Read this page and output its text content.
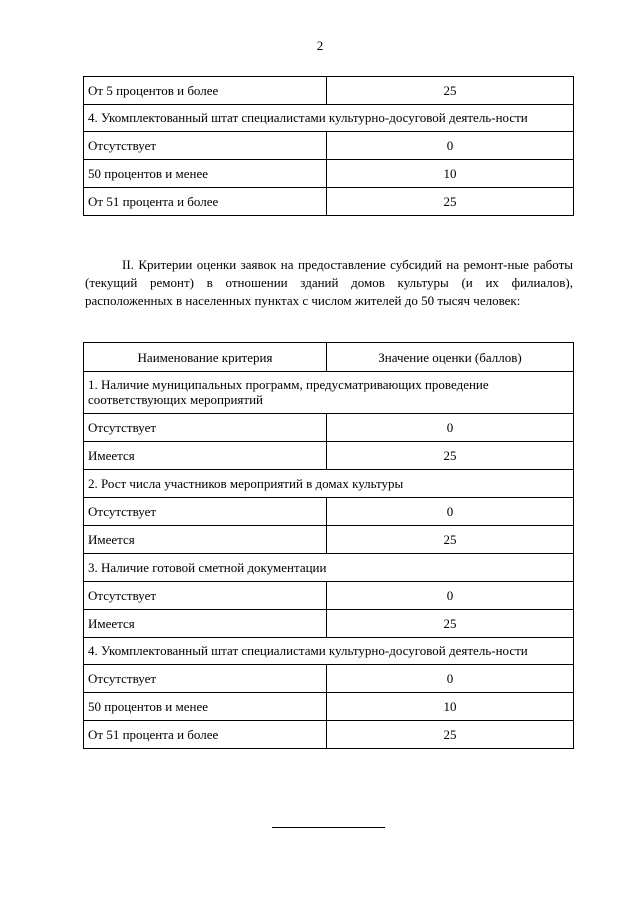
2
От 5 процентов и более	25
4. Укомплектованный штат специалистами культурно-досуговой деятель-ности	
Отсутствует	0
50 процентов и менее	10
От 51 процента и более	25

II. Критерии оценки заявок на предоставление субсидий на ремонт-ные работы (текущий ремонт) в отношении зданий домов культуры (и их филиалов), расположенных в населенных пунктах с числом жителей до 50 тысяч человек:

Наименование критерия	Значение оценки (баллов)
1. Наличие муниципальных программ, предусматривающих проведение соответствующих мероприятий	
Отсутствует	0
Имеется	25
2. Рост числа участников мероприятий в домах культуры	
Отсутствует	0
Имеется	25
3. Наличие готовой сметной документации	
Отсутствует	0
Имеется	25
4. Укомплектованный штат специалистами культурно-досуговой деятель-ности	
Отсутствует	0
50 процентов и менее	10
От 51 процента и более	25
